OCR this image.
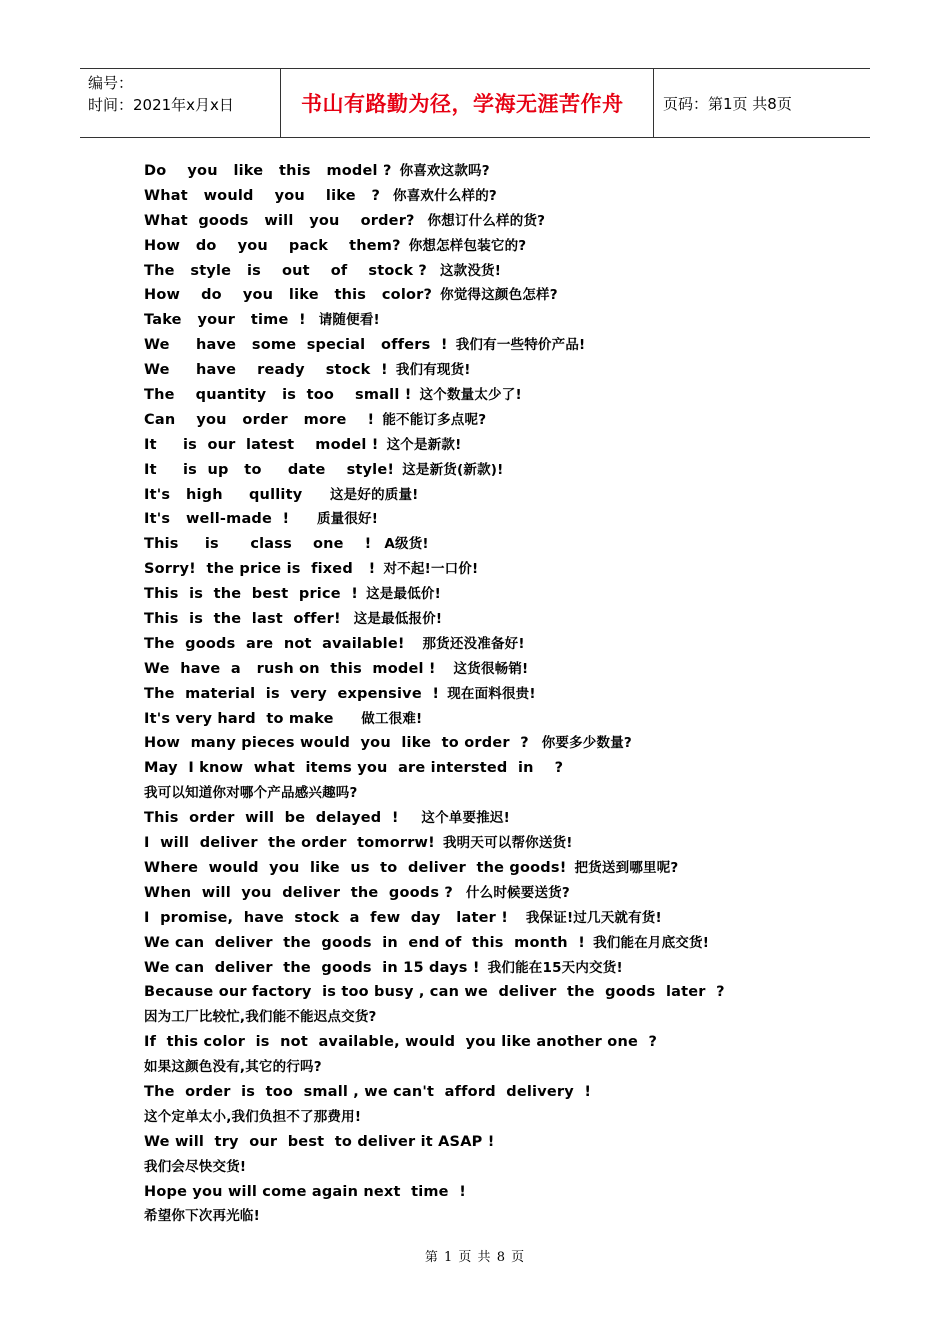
编号：
时间：2021年x月x日	书山有路勤为径，学海无涯苦作舟	页码：第1页 共8页
Do    you   like   this   model ? 你喜欢这款吗?
What   would    you    like   ? 你喜欢什么样的?
What  goods   will   you    order? 你想订什么样的货?
How   do    you    pack    them? 你想怎样包装它的?
The   style   is    out    of    stock ? 这款没货!
How    do    you   like   this   color? 你觉得这颜色怎样?
Take   your   time  ! 请随便看!
We     have   some  special   offers  ! 我们有一些特价产品!
We     have    ready    stock  ! 我们有现货!
The    quantity   is  too    small ! 这个数量太少了!
Can    you   order   more    ! 能不能订多点呢?
It     is  our  latest    model ! 这个是新款!
It     is  up   to     date    style! 这是新货(新款)!
It's   high     qullity    这是好的质量!
It's   well-made  !    质量很好!
This     is      class    one    ! A级货!
Sorry!  the price is  fixed   ! 对不起!一口价!
This  is  the  best  price  ! 这是最低价!
This  is  the  last  offer! 这是最低报价!
The  goods  are  not  available!  那货还没准备好!
We  have  a   rush on  this  model !  这货很畅销!
The  material  is  very  expensive  ! 现在面料很贵!
It's very hard  to make    做工很难!
How  many pieces would  you  like  to order  ? 你要多少数量?
May  I know  what  items you  are intersted  in    ?
我可以知道你对哪个产品感兴趣吗?
This  order  will  be  delayed  !   这个单要推迟!
I  will  deliver  the order  tomorrw! 我明天可以帮你送货!
Where  would  you  like  us  to  deliver  the goods! 把货送到哪里呢?
When  will  you  deliver  the  goods ? 什么时候要送货?
I  promise,  have  stock  a  few  day   later !  我保证!过几天就有货!
We can  deliver  the  goods  in  end of  this  month  ! 我们能在月底交货!
We can  deliver  the  goods  in 15 days ! 我们能在15天内交货!
Because our factory  is too busy , can we  deliver  the  goods  later  ?
因为工厂比较忙,我们能不能迟点交货?
If  this color  is  not  available, would  you like another one  ?
如果这颜色没有,其它的行吗?
The  order  is  too  small , we can't  afford  delivery  !
这个定单太小,我们负担不了那费用!
We will  try  our  best  to deliver it ASAP !
我们会尽快交货!
Hope you will come again next  time  !
希望你下次再光临!
第 1 页 共 8 页
